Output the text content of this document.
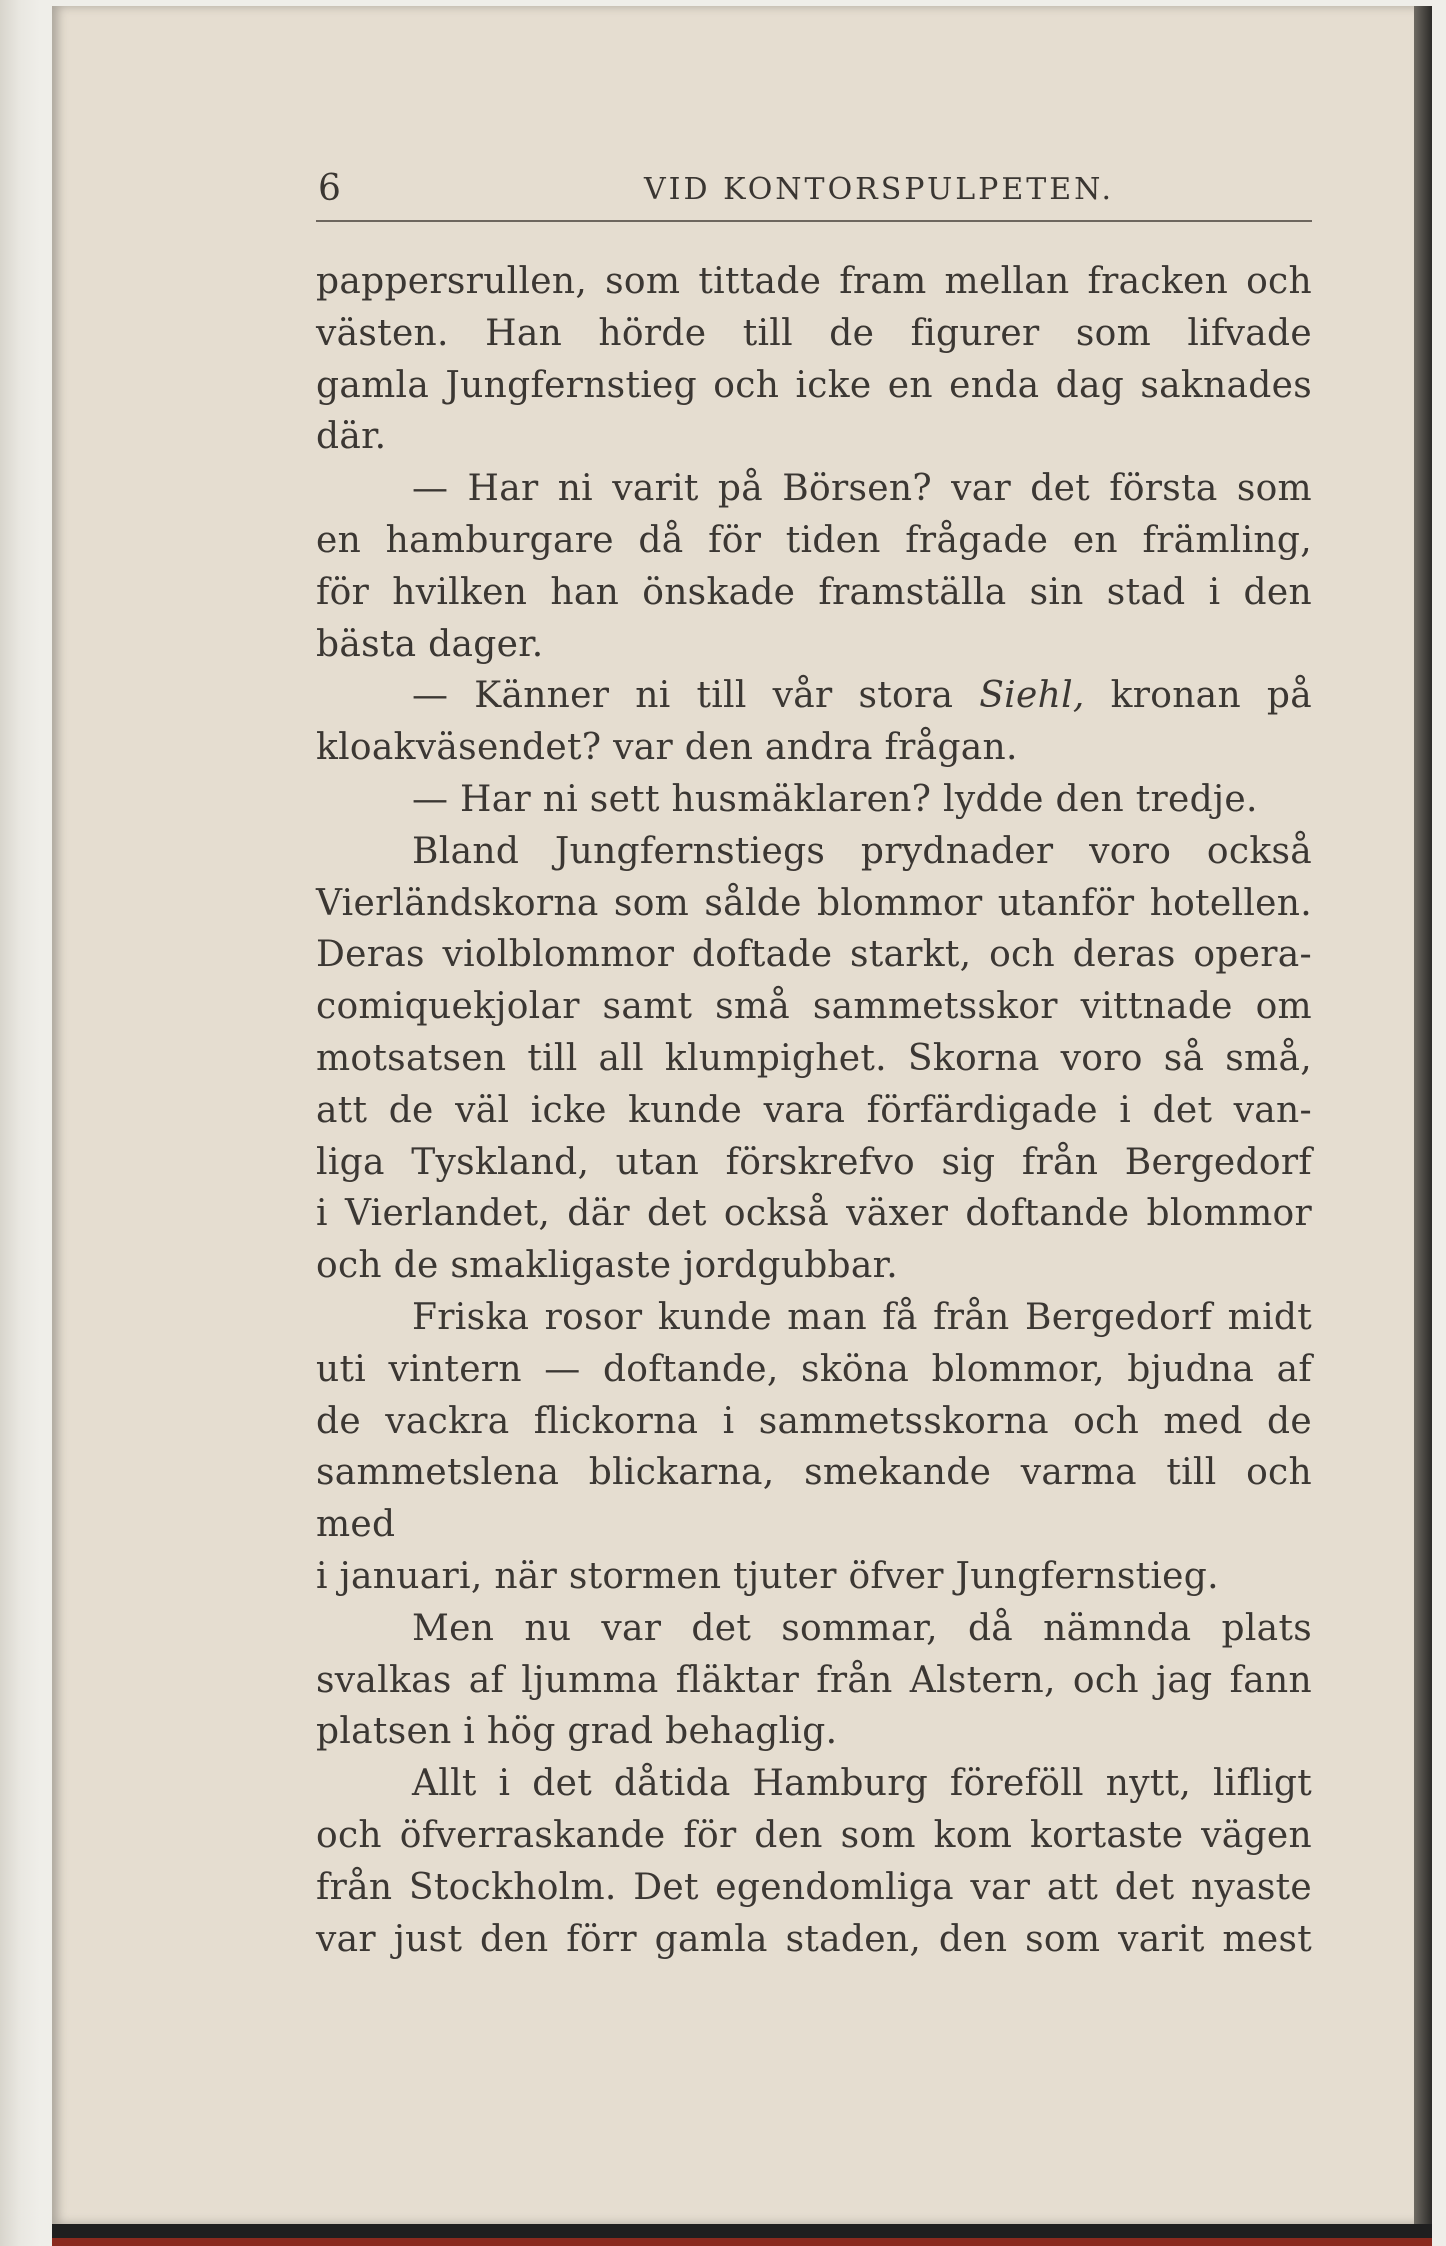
6	VID KONTORSPULPETEN.

pappersrullen, som tittade fram mellan fracken och

västen. Han hörde till de figurer som lifvade

gamla Jungfernstieg och icke en enda dag saknades

där.

— Har ni varit på Börsen? var det första som

en hamburgare då för tiden frågade en främling,

för hvilken han önskade framställa sin stad i den

bästa dager.

— Känner ni till vår stora Siehl, kronan på

kloakväsendet? var den andra frågan.

— Har ni sett husmäklaren? lydde den tredje.

Bland Jungfernstiegs prydnader voro också

Vierländskorna som sålde blommor utanför hotellen.

Deras violblommor doftade starkt, och deras opera-

comiquekjolar samt små sammetsskor vittnade om

motsatsen till all klumpighet. Skorna voro så små,

att de väl icke kunde vara förfärdigade i det van-

liga Tyskland, utan förskrefvo sig från Bergedorf

i Vierlandet, där det också växer doftande blommor

och de smakligaste jordgubbar.

Friska rosor kunde man få från Bergedorf midt

uti vintern — doftande, sköna blommor, bjudna af

de vackra flickorna i sammetsskorna och med de

sammetslena blickarna, smekande varma till och med

i januari, när stormen tjuter öfver Jungfernstieg.

Men nu var det sommar, då nämnda plats

svalkas af ljumma fläktar från Alstern, och jag fann

platsen i hög grad behaglig.

Allt i det dåtida Hamburg föreföll nytt, lifligt

och öfverraskande för den som kom kortaste vägen

från Stockholm. Det egendomliga var att det nyaste

var just den förr gamla staden, den som varit mest
